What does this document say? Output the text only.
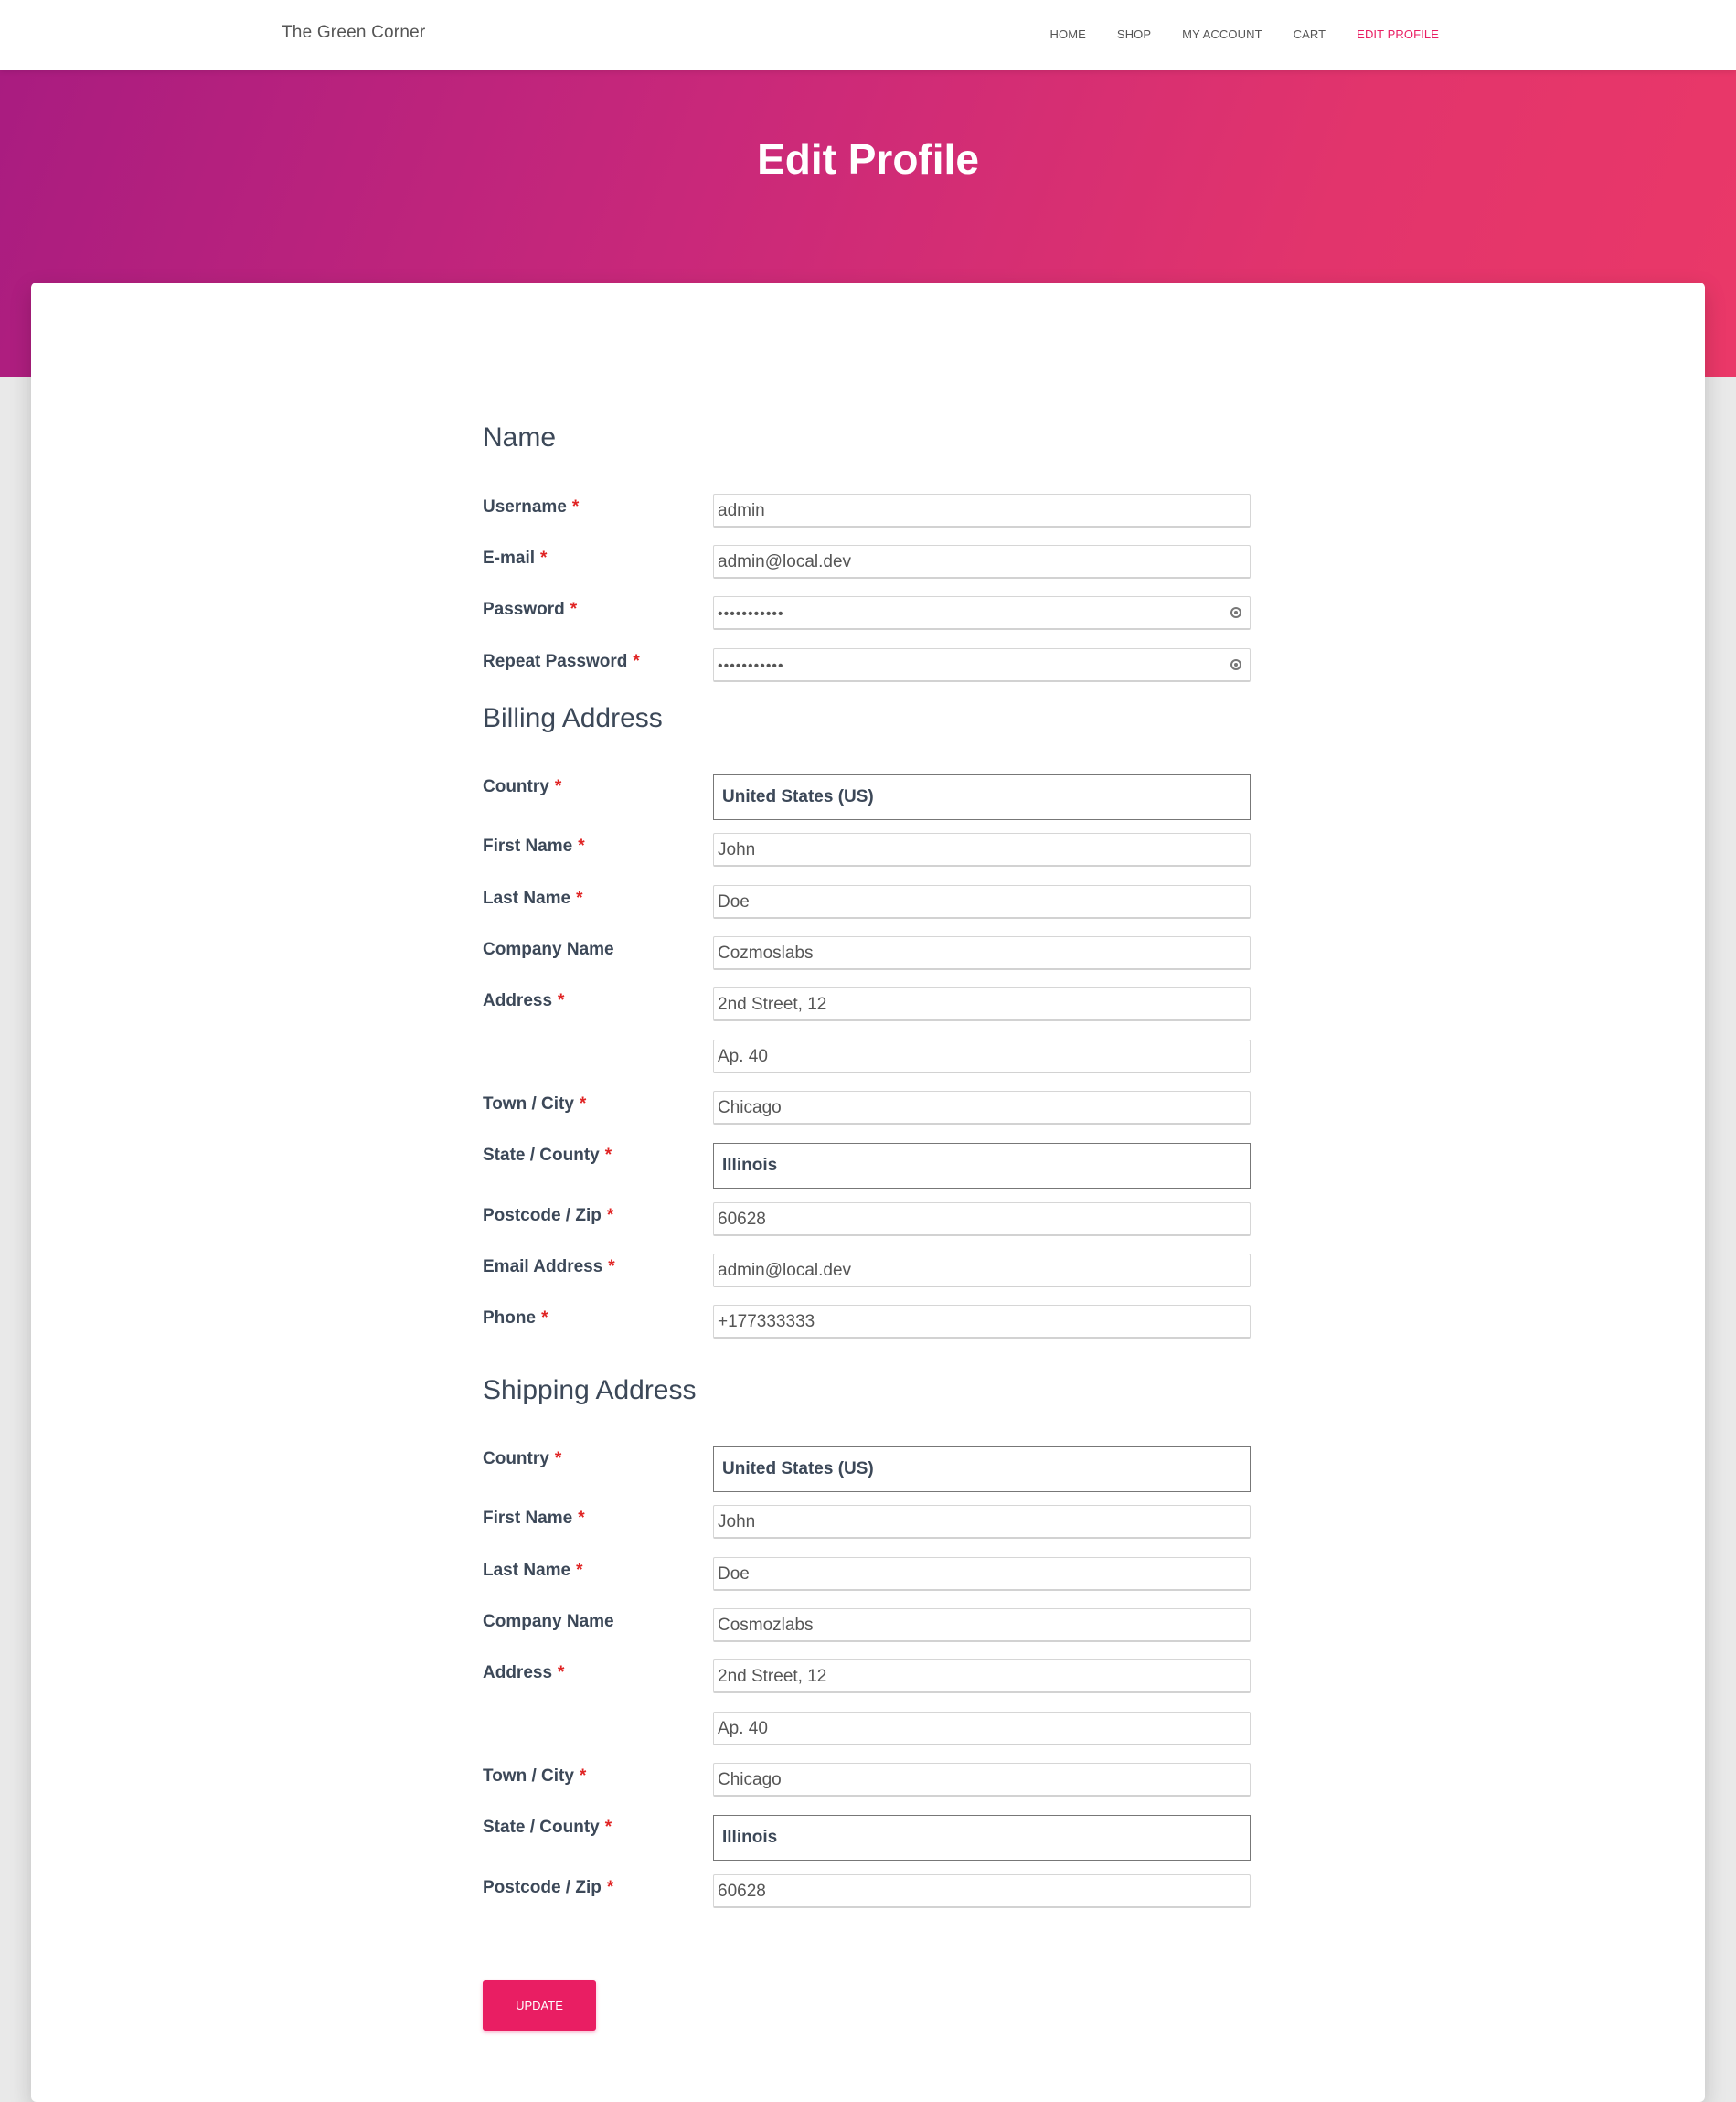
The Green Corner	HOME	SHOP	MY ACCOUNT	CART	EDIT PROFILE
Edit Profile
Name
Username *	admin
E-mail *	admin@local.dev
Password *	•••••••••••
Repeat Password *	•••••••••••
Billing Address
Country *
United States (US)
First Name *	John
Last Name *	Doe
Company Name	Cozmoslabs
Address *	2nd Street, 12
Ap. 40
Town / City *	Chicago
State / County *
Illinois
Postcode / Zip *	60628
Email Address *	admin@local.dev
Phone *	+177333333
Shipping Address
Country *
United States (US)
First Name *	John
Last Name *	Doe
Company Name	Cosmozlabs
Address *	2nd Street, 12
Ap. 40
Town / City *	Chicago
State / County *
Illinois
Postcode / Zip *	60628
UPDATE
